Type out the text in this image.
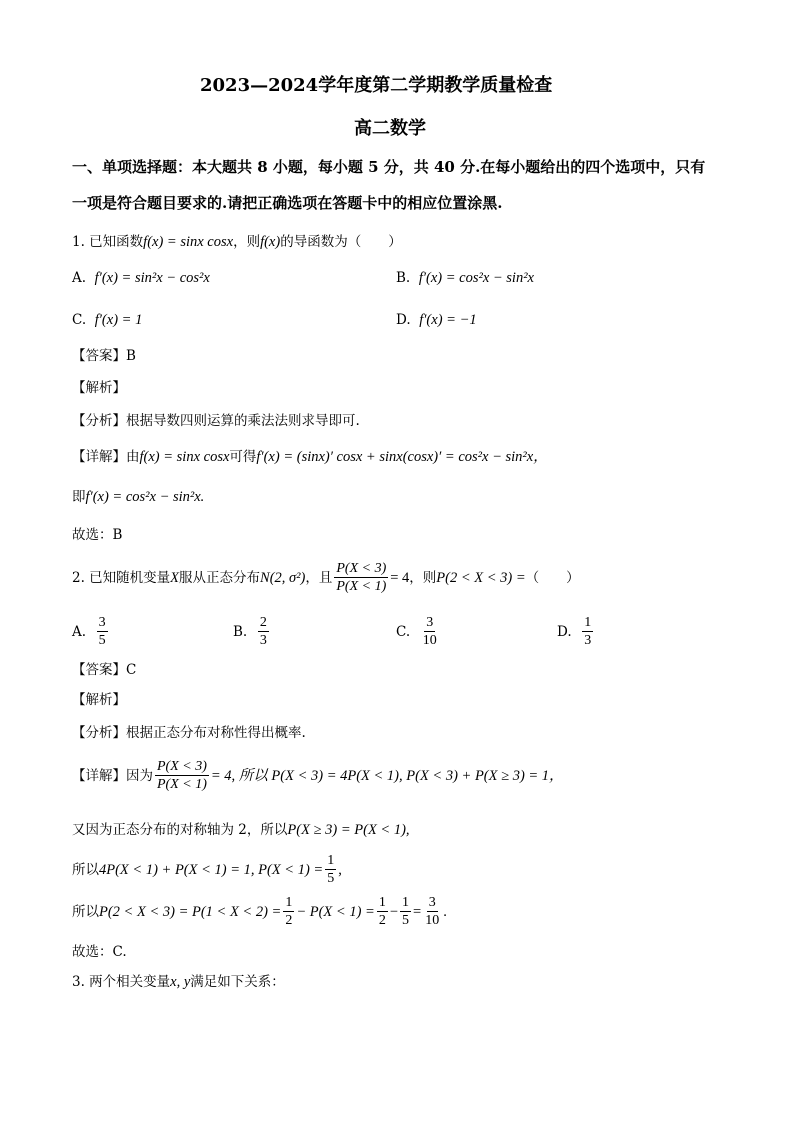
2023—2024学年度第二学期教学质量检查
高二数学
一、单项选择题：本大题共 8 小题，每小题 5 分，共 40 分.在每小题给出的四个选项中，只有
一项是符合题目要求的.请把正确选项在答题卡中的相应位置涂黑.
1. 已知函数f(x) = sinx cosx，则f(x)的导函数为（　　）
A. f′(x) = sin²x − cos²x	B. f′(x) = cos²x − sin²x
C. f′(x) = 1	D. f′(x) = −1
【答案】B
【解析】
【分析】根据导数四则运算的乘法法则求导即可.
【详解】由f(x) = sinx cosx可得f′(x) = (sinx)′ cosx + sinx(cosx)′ = cos²x − sin²x，
即f′(x) = cos²x − sin²x.
故选：B
2. 已知随机变量 X 服从正态分布 N(2, σ²) ，且 $\frac{P(X < 3)}{P(X < 1)} = 4$ ，则 P(2 < X < 3) = （　　）
A.
$\frac{3}{5}$	B.
$\frac{2}{3}$	C.
$\frac{3}{10}$	D.
$\frac{1}{3}$
【答案】C
【解析】
【分析】根据正态分布对称性得出概率.
【详解】因为 $\frac{P(X < 3)}{P(X < 1)} = 4$, 所以 P(X < 3) = 4P(X < 1), P(X < 3) + P(X ≥ 3) = 1，
又因为正态分布的对称轴为 2，所以P(X ≥ 3) = P(X < 1),
所以 4P(X < 1) + P(X < 1) = 1, $P(X < 1) = \frac{1}{5}$ ,
所以 $P(2 < X < 3) = P(1 < X < 2) = \frac{1}{2} - P(X < 1) = \frac{1}{2} - \frac{1}{5} = \frac{3}{10}$ .
故选：C.
3. 两个相关变量x, y满足如下关系：
